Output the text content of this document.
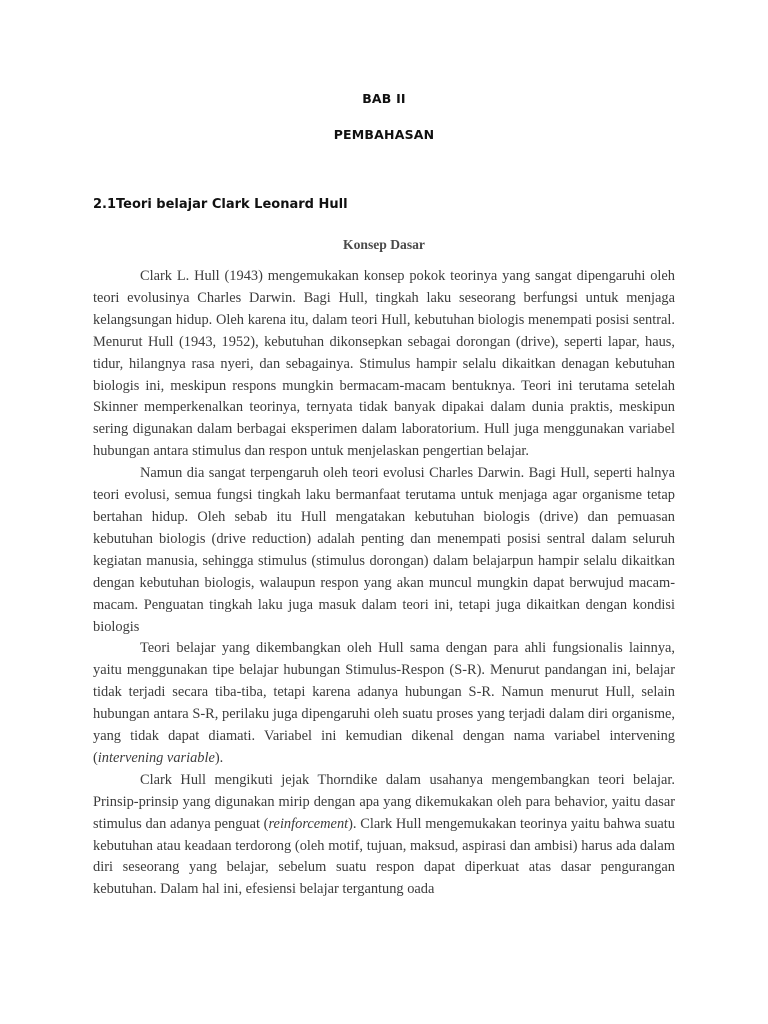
BAB II
PEMBAHASAN
2.1Teori belajar Clark Leonard Hull
Konsep Dasar

Clark L. Hull (1943) mengemukakan konsep pokok teorinya yang sangat dipengaruhi oleh teori evolusinya Charles Darwin. Bagi Hull, tingkah laku seseorang berfungsi untuk menjaga kelangsungan hidup. Oleh karena itu, dalam teori Hull, kebutuhan biologis menempati posisi sentral. Menurut Hull (1943, 1952), kebutuhan dikonsepkan sebagai dorongan (drive), seperti lapar, haus, tidur, hilangnya rasa nyeri, dan sebagainya. Stimulus hampir selalu dikaitkan denagan kebutuhan biologis ini, meskipun respons mungkin bermacam-macam bentuknya. Teori ini terutama setelah Skinner memperkenalkan teorinya, ternyata tidak banyak dipakai dalam dunia praktis, meskipun sering digunakan dalam berbagai eksperimen dalam laboratorium. Hull juga menggunakan variabel hubungan antara stimulus dan respon untuk menjelaskan pengertian belajar.

Namun dia sangat terpengaruh oleh teori evolusi Charles Darwin. Bagi Hull, seperti halnya teori evolusi, semua fungsi tingkah laku bermanfaat terutama untuk menjaga agar organisme tetap bertahan hidup. Oleh sebab itu Hull mengatakan kebutuhan biologis (drive) dan pemuasan kebutuhan biologis (drive reduction) adalah penting dan menempati posisi sentral dalam seluruh kegiatan manusia, sehingga stimulus (stimulus dorongan) dalam belajarpun hampir selalu dikaitkan dengan kebutuhan biologis, walaupun respon yang akan muncul mungkin dapat berwujud macam-macam. Penguatan tingkah laku juga masuk dalam teori ini, tetapi juga dikaitkan dengan kondisi biologis

Teori belajar yang dikembangkan oleh Hull sama dengan para ahli fungsionalis lainnya, yaitu menggunakan tipe belajar hubungan Stimulus-Respon (S-R). Menurut pandangan ini, belajar tidak terjadi secara tiba-tiba, tetapi karena adanya hubungan S-R. Namun menurut Hull, selain hubungan antara S-R, perilaku juga dipengaruhi oleh suatu proses yang terjadi dalam diri organisme, yang tidak dapat diamati. Variabel ini kemudian dikenal dengan nama variabel intervening (intervening variable).

Clark Hull mengikuti jejak Thorndike dalam usahanya mengembangkan teori belajar. Prinsip-prinsip yang digunakan mirip dengan apa yang dikemukakan oleh para behavior, yaitu dasar stimulus dan adanya penguat (reinforcement). Clark Hull mengemukakan teorinya yaitu bahwa suatu kebutuhan atau keadaan terdorong (oleh motif, tujuan, maksud, aspirasi dan ambisi) harus ada dalam diri seseorang yang belajar, sebelum suatu respon dapat diperkuat atas dasar pengurangan kebutuhan. Dalam hal ini, efesiensi belajar tergantung oada
